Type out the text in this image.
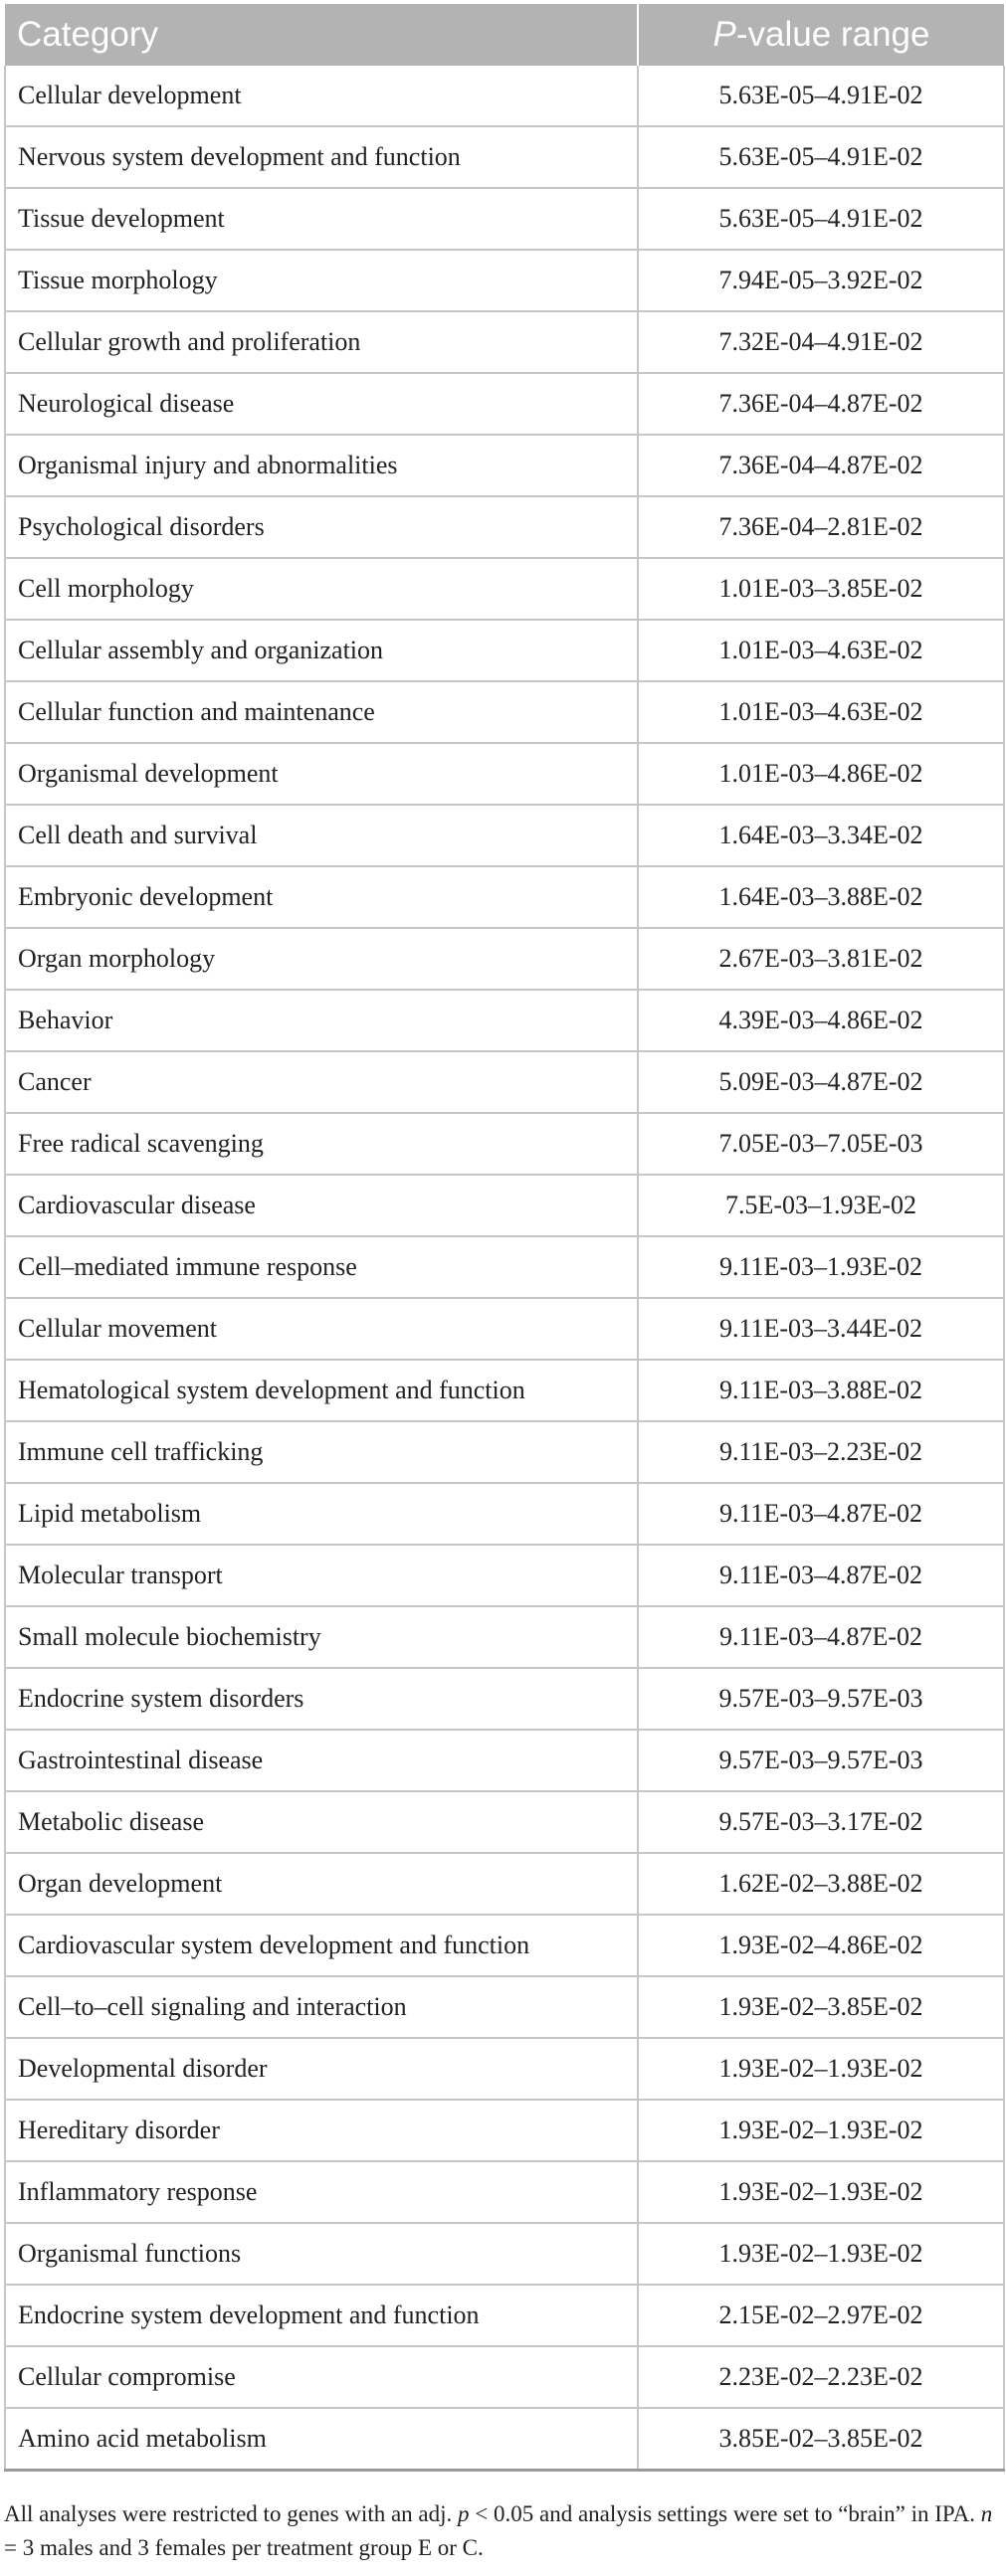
Category	P-value range
Cellular development	5.63E-05–4.91E-02
Nervous system development and function	5.63E-05–4.91E-02
Tissue development	5.63E-05–4.91E-02
Tissue morphology	7.94E-05–3.92E-02
Cellular growth and proliferation	7.32E-04–4.91E-02
Neurological disease	7.36E-04–4.87E-02
Organismal injury and abnormalities	7.36E-04–4.87E-02
Psychological disorders	7.36E-04–2.81E-02
Cell morphology	1.01E-03–3.85E-02
Cellular assembly and organization	1.01E-03–4.63E-02
Cellular function and maintenance	1.01E-03–4.63E-02
Organismal development	1.01E-03–4.86E-02
Cell death and survival	1.64E-03–3.34E-02
Embryonic development	1.64E-03–3.88E-02
Organ morphology	2.67E-03–3.81E-02
Behavior	4.39E-03–4.86E-02
Cancer	5.09E-03–4.87E-02
Free radical scavenging	7.05E-03–7.05E-03
Cardiovascular disease	7.5E-03–1.93E-02
Cell–mediated immune response	9.11E-03–1.93E-02
Cellular movement	9.11E-03–3.44E-02
Hematological system development and function	9.11E-03–3.88E-02
Immune cell trafficking	9.11E-03–2.23E-02
Lipid metabolism	9.11E-03–4.87E-02
Molecular transport	9.11E-03–4.87E-02
Small molecule biochemistry	9.11E-03–4.87E-02
Endocrine system disorders	9.57E-03–9.57E-03
Gastrointestinal disease	9.57E-03–9.57E-03
Metabolic disease	9.57E-03–3.17E-02
Organ development	1.62E-02–3.88E-02
Cardiovascular system development and function	1.93E-02–4.86E-02
Cell–to–cell signaling and interaction	1.93E-02–3.85E-02
Developmental disorder	1.93E-02–1.93E-02
Hereditary disorder	1.93E-02–1.93E-02
Inflammatory response	1.93E-02–1.93E-02
Organismal functions	1.93E-02–1.93E-02
Endocrine system development and function	2.15E-02–2.97E-02
Cellular compromise	2.23E-02–2.23E-02
Amino acid metabolism	3.85E-02–3.85E-02
All analyses were restricted to genes with an adj. p < 0.05 and analysis settings were set to “brain” in IPA. n = 3 males and 3 females per treatment group E or C.
